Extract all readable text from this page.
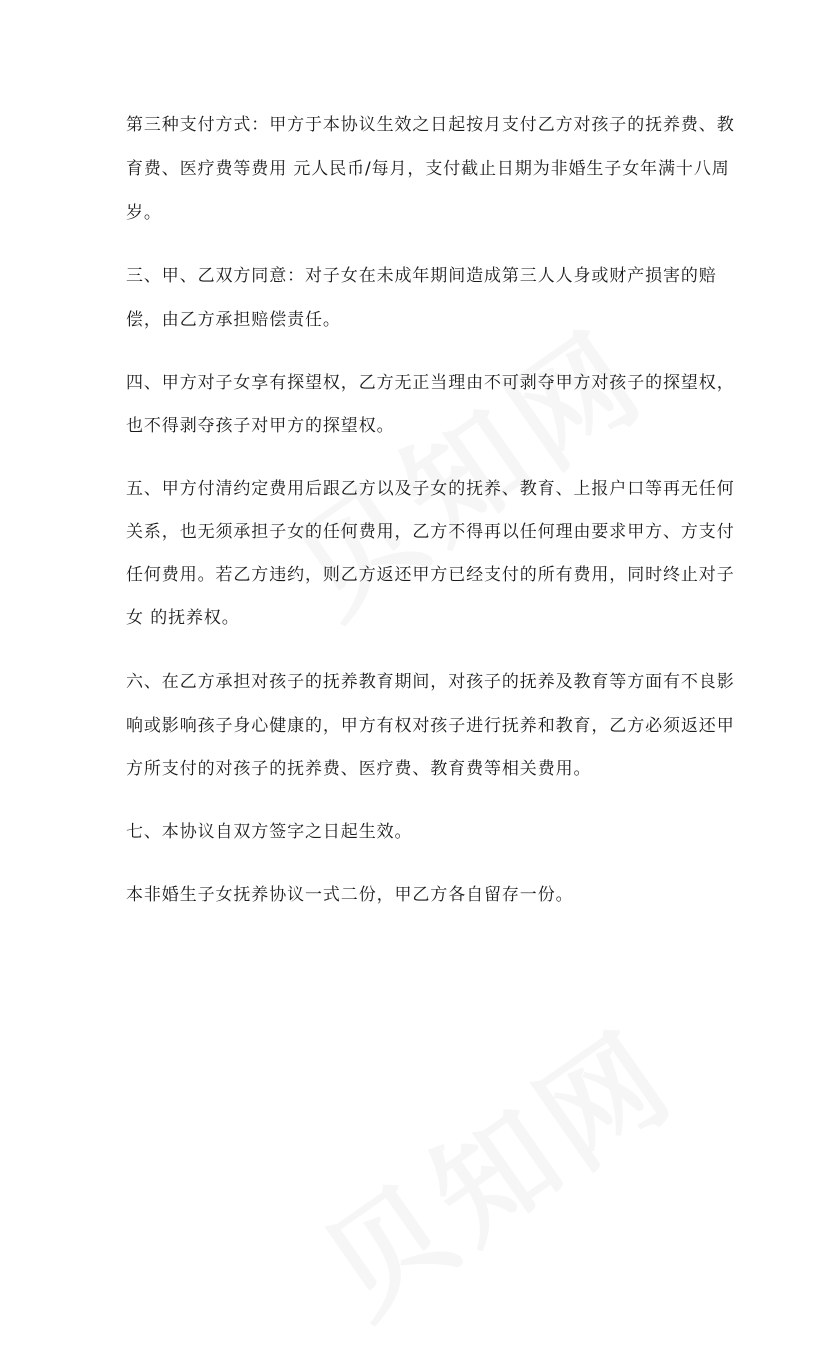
第三种支付方式：甲方于本协议生效之日起按月支付乙方对孩子的抚养费、教
育费、医疗费等费用 元人民币/每月，支付截止日期为非婚生子女年满十八周
岁。
三、甲、乙双方同意：对子女在未成年期间造成第三人人身或财产损害的赔
偿，由乙方承担赔偿责任。
四、甲方对子女享有探望权，乙方无正当理由不可剥夺甲方对孩子的探望权，
也不得剥夺孩子对甲方的探望权。
五、甲方付清约定费用后跟乙方以及子女的抚养、教育、上报户口等再无任何
关系，也无须承担子女的任何费用，乙方不得再以任何理由要求甲方、方支付
任何费用。若乙方违约，则乙方返还甲方已经支付的所有费用，同时终止对子
女 的抚养权。
六、在乙方承担对孩子的抚养教育期间，对孩子的抚养及教育等方面有不良影
响或影响孩子身心健康的，甲方有权对孩子进行抚养和教育，乙方必须返还甲
方所支付的对孩子的抚养费、医疗费、教育费等相关费用。
七、本协议自双方签字之日起生效。
本非婚生子女抚养协议一式二份，甲乙方各自留存一份。
